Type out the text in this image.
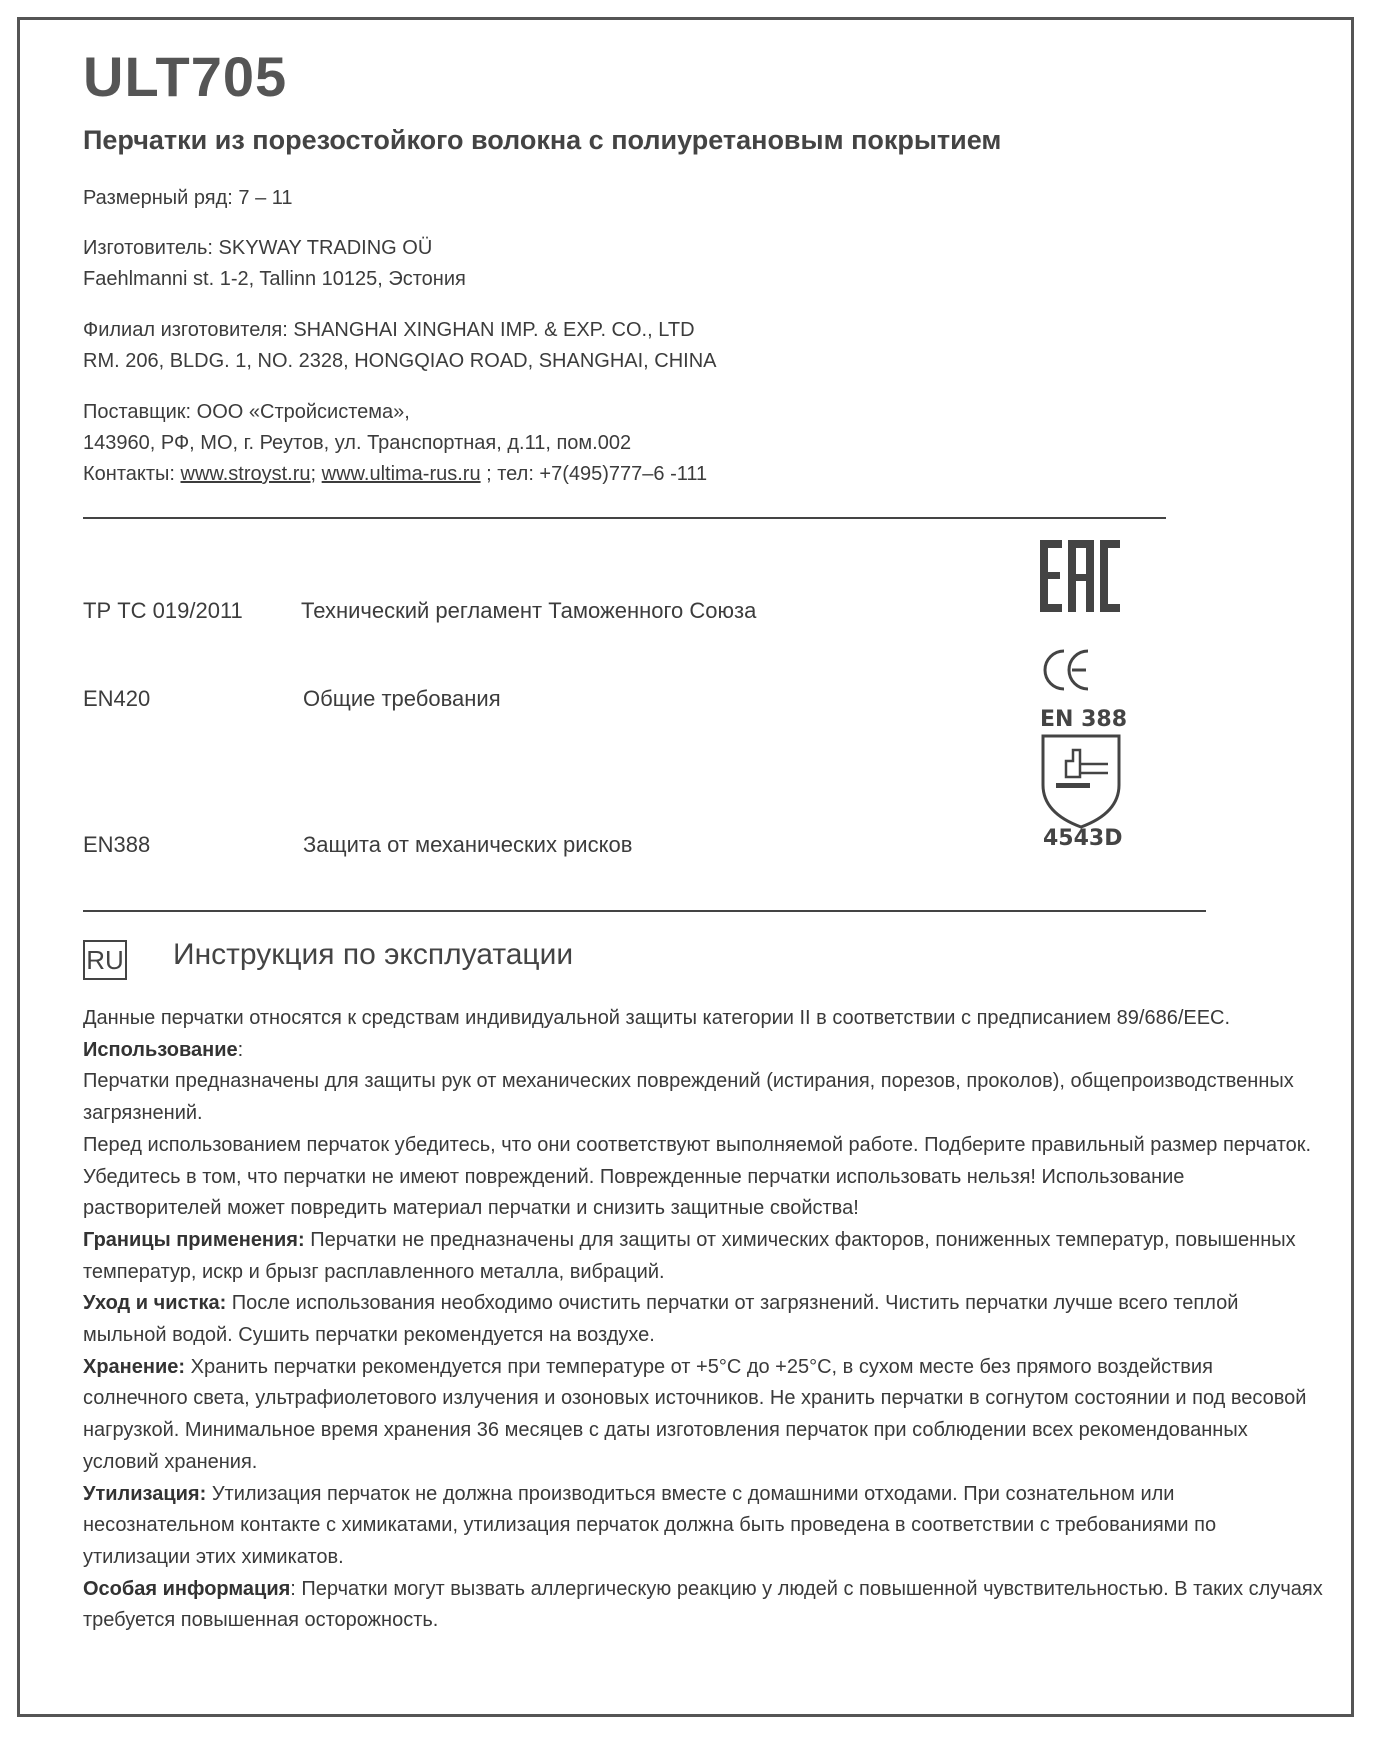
ULT705
Перчатки из порезостойкого волокна с полиуретановым покрытием
Размерный ряд: 7 – 11
Изготовитель: SKYWAY TRADING OÜ
Faehlmanni st. 1-2, Tallinn 10125, Эстония
Филиал изготовителя: SHANGHAI XINGHAN IMP. & EXP. CO., LTD
RM. 206, BLDG. 1, NO. 2328, HONGQIAO ROAD, SHANGHAI, CHINA
Поставщик: ООО «Стройсистема»,
143960, РФ, МО, г. Реутов, ул. Транспортная, д.11, пом.002
Контакты: www.stroyst.ru; www.ultima-rus.ru ; тел: +7(495)777–6 -111
ТР ТС 019/2011	Технический регламент Таможенного Союза
EN420	Общие требования
EN388	Защита от механических рисков
EN 388
4543D
RU Инструкция по эксплуатации

Данные перчатки относятся к средствам индивидуальной защиты категории II в соответствии с предписанием 89/686/EEC.

Использование:

Перчатки предназначены для защиты рук от механических повреждений (истирания, порезов, проколов), общепроизводственных загрязнений.

Перед использованием перчаток убедитесь, что они соответствуют выполняемой работе. Подберите правильный размер перчаток. Убедитесь в том, что перчатки не имеют повреждений. Поврежденные перчатки использовать нельзя! Использование растворителей может повредить материал перчатки и снизить защитные свойства!

Границы применения: Перчатки не предназначены для защиты от химических факторов, пониженных температур, повышенных температур, искр и брызг расплавленного металла, вибраций.

Уход и чистка: После использования необходимо очистить перчатки от загрязнений. Чистить перчатки лучше всего теплой мыльной водой. Сушить перчатки рекомендуется на воздухе.

Хранение: Хранить перчатки рекомендуется при температуре от +5°С до +25°С, в сухом месте без прямого воздействия солнечного света, ультрафиолетового излучения и озоновых источников. Не хранить перчатки в согнутом состоянии и под весовой нагрузкой. Минимальное время хранения 36 месяцев с даты изготовления перчаток при соблюдении всех рекомендованных условий хранения.

Утилизация: Утилизация перчаток не должна производиться вместе с домашними отходами. При сознательном или несознательном контакте с химикатами, утилизация перчаток должна быть проведена в соответствии с требованиями по утилизации этих химикатов.

Особая информация: Перчатки могут вызвать аллергическую реакцию у людей с повышенной чувствительностью. В таких случаях требуется повышенная осторожность.
